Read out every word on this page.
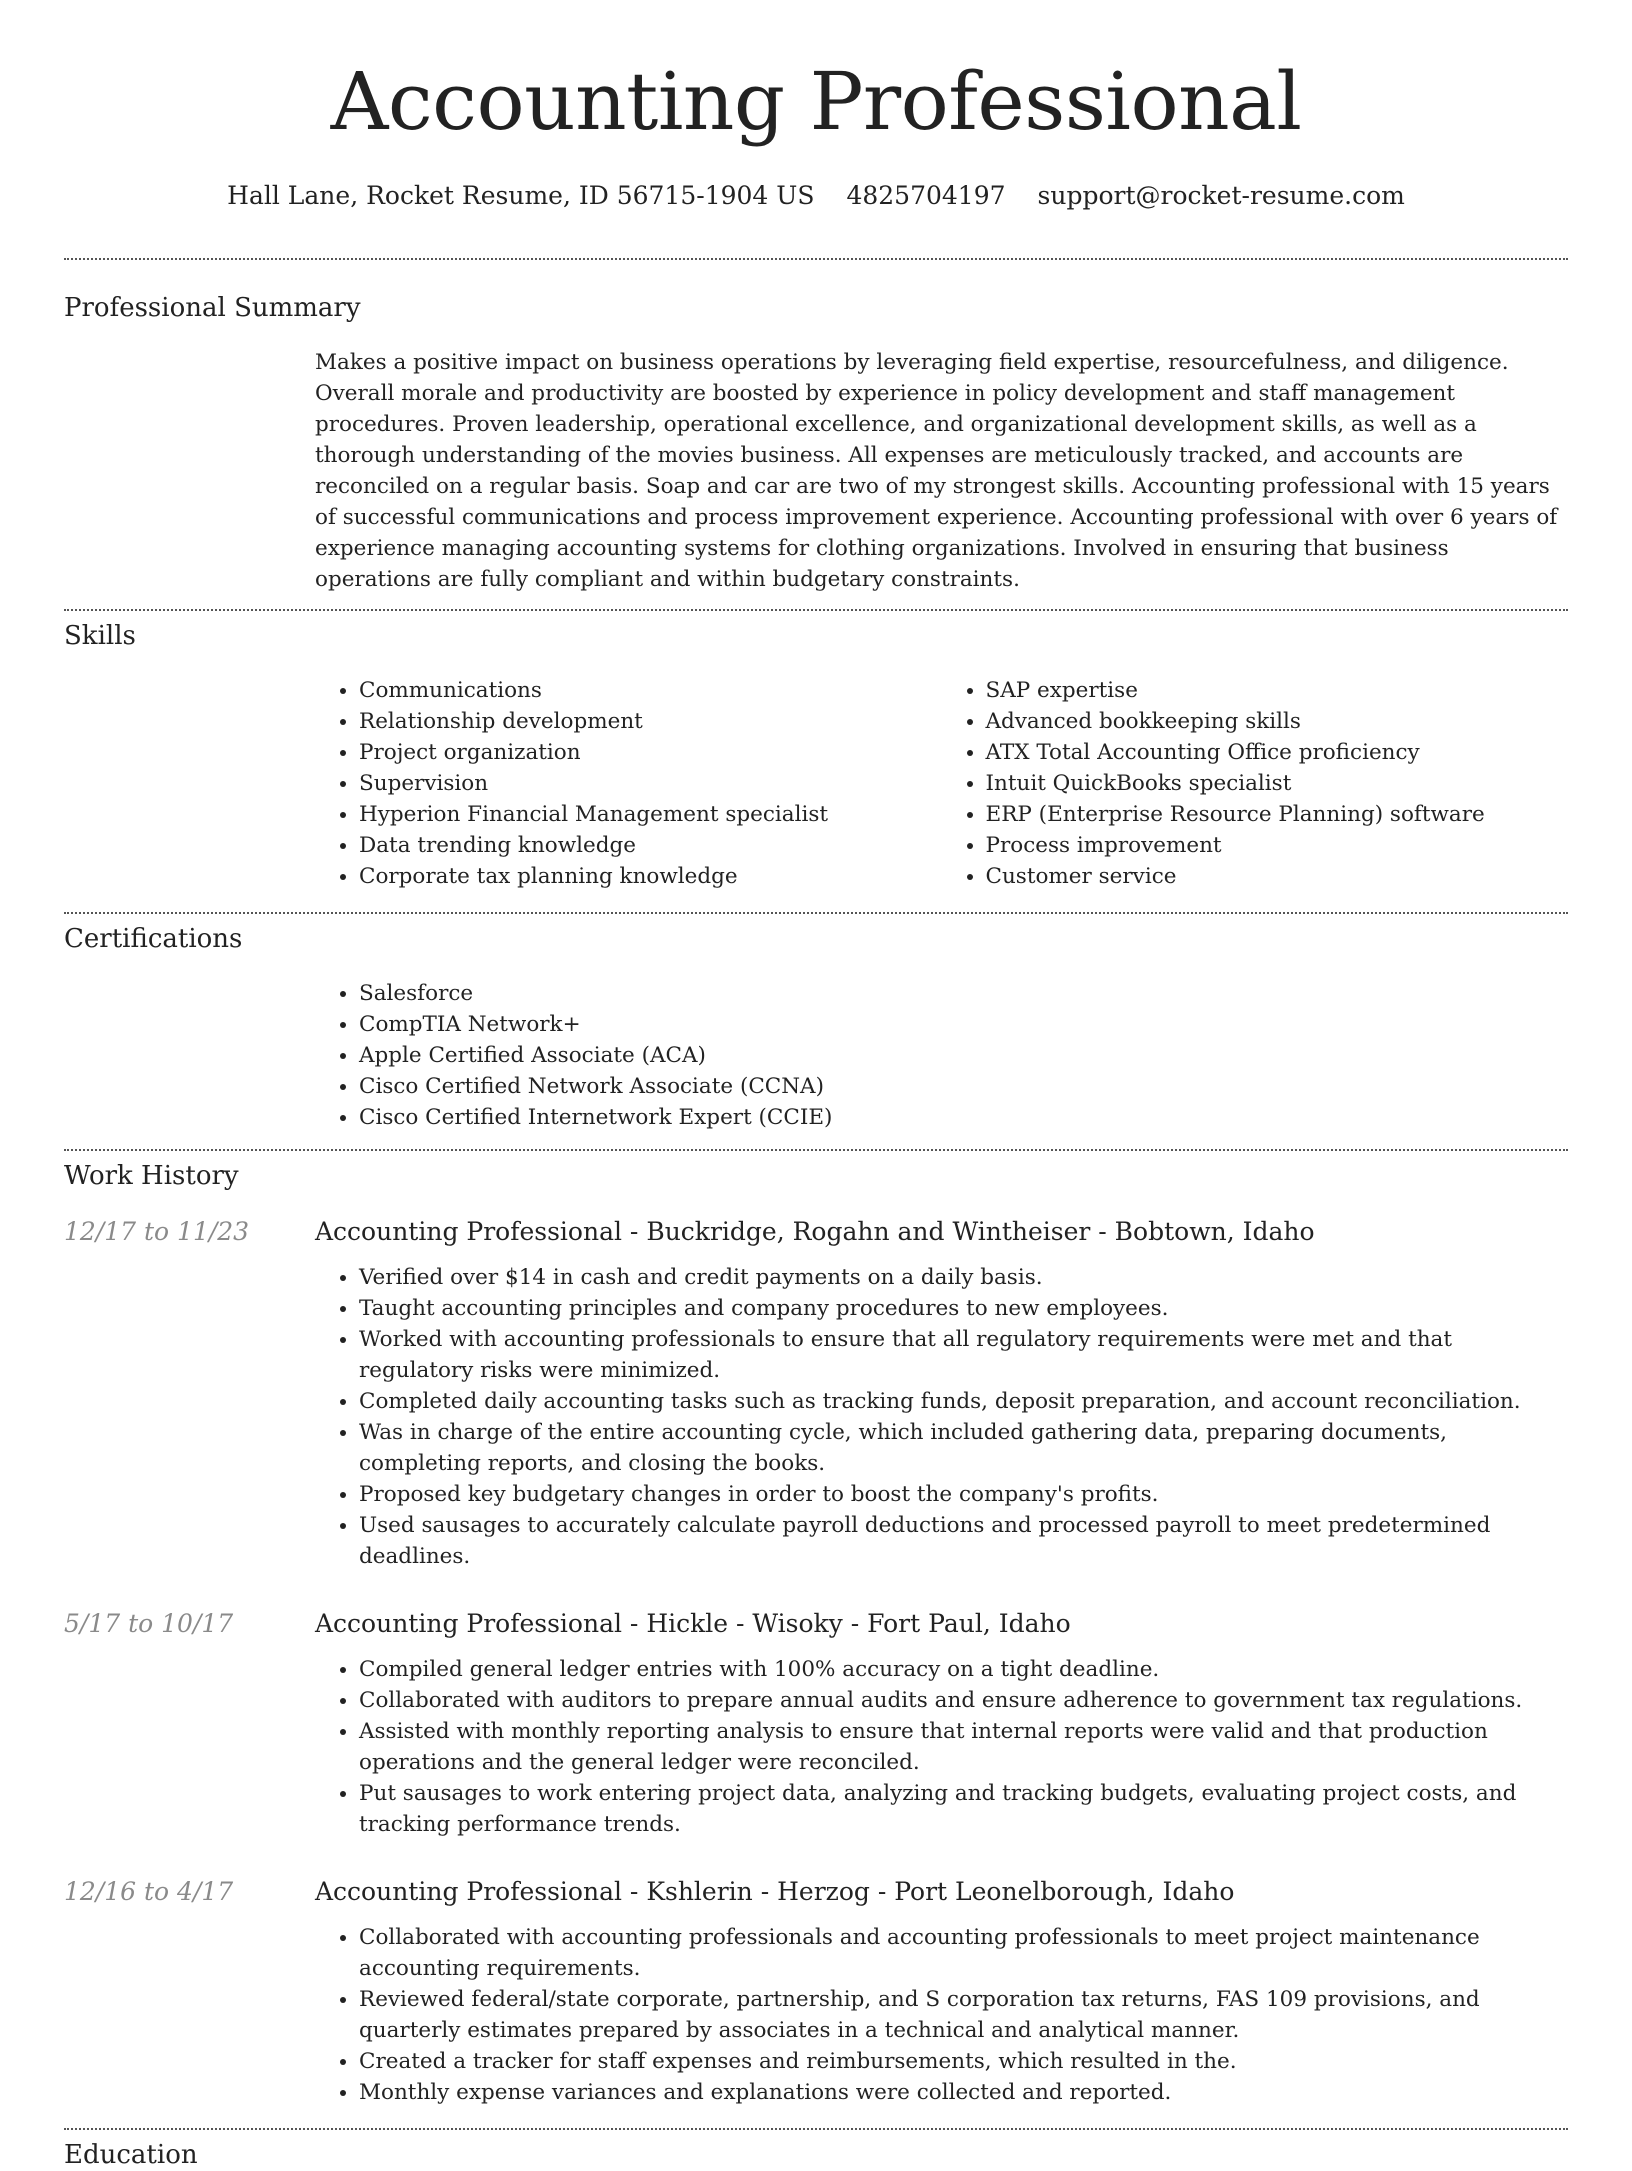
Accounting Professional
Hall Lane, Rocket Resume, ID 56715-1904 US 4825704197 support@rocket-resume.com
Professional Summary

Makes a positive impact on business operations by leveraging field expertise, resourcefulness, and diligence. Overall morale and productivity are boosted by experience in policy development and staff management procedures. Proven leadership, operational excellence, and organizational development skills, as well as a thorough understanding of the movies business. All expenses are meticulously tracked, and accounts are reconciled on a regular basis. Soap and car are two of my strongest skills. Accounting professional with 15 years of successful communications and process improvement experience. Accounting professional with over 6 years of experience managing accounting systems for clothing organizations. Involved in ensuring that business operations are fully compliant and within budgetary constraints.

Skills
• Communications
• Relationship development
• Project organization
• Supervision
• Hyperion Financial Management specialist
• Data trending knowledge
• Corporate tax planning knowledge
• SAP expertise
• Advanced bookkeeping skills
• ATX Total Accounting Office proficiency
• Intuit QuickBooks specialist
• ERP (Enterprise Resource Planning) software
• Process improvement
• Customer service
Certifications
• Salesforce
• CompTIA Network+
• Apple Certified Associate (ACA)
• Cisco Certified Network Associate (CCNA)
• Cisco Certified Internetwork Expert (CCIE)
Work History
12/17 to 11/23	Accounting Professional - Buckridge, Rogahn and Wintheiser - Bobtown, Idaho
• Verified over $14 in cash and credit payments on a daily basis.
• Taught accounting principles and company procedures to new employees.
• Worked with accounting professionals to ensure that all regulatory requirements were met and that regulatory risks were minimized.
• Completed daily accounting tasks such as tracking funds, deposit preparation, and account reconciliation.
• Was in charge of the entire accounting cycle, which included gathering data, preparing documents, completing reports, and closing the books.
• Proposed key budgetary changes in order to boost the company's profits.
• Used sausages to accurately calculate payroll deductions and processed payroll to meet predetermined deadlines.
5/17 to 10/17	Accounting Professional - Hickle - Wisoky - Fort Paul, Idaho
• Compiled general ledger entries with 100% accuracy on a tight deadline.
• Collaborated with auditors to prepare annual audits and ensure adherence to government tax regulations.
• Assisted with monthly reporting analysis to ensure that internal reports were valid and that production operations and the general ledger were reconciled.
• Put sausages to work entering project data, analyzing and tracking budgets, evaluating project costs, and tracking performance trends.
12/16 to 4/17	Accounting Professional - Kshlerin - Herzog - Port Leonelborough, Idaho
• Collaborated with accounting professionals and accounting professionals to meet project maintenance accounting requirements.
• Reviewed federal/state corporate, partnership, and S corporation tax returns, FAS 109 provisions, and quarterly estimates prepared by associates in a technical and analytical manner.
• Created a tracker for staff expenses and reimbursements, which resulted in the.
• Monthly expense variances and explanations were collected and reported.
Education
